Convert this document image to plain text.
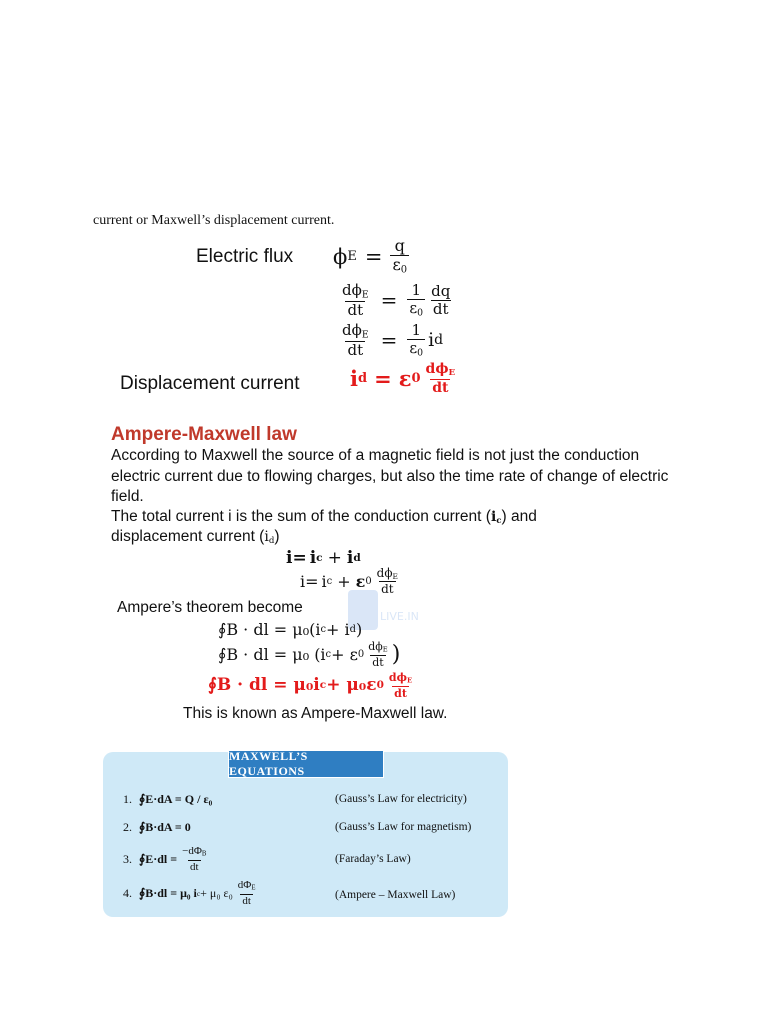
current or Maxwell’s displacement current.
Electric flux ϕ $E = \frac{q}{\varepsilon_0}$
$\frac{d\phi_E}{dt} = \frac{1}{\varepsilon_0} \frac{dq}{dt}$
$\frac{d\phi_E}{dt} = \frac{1}{\varepsilon_0}$ i d
Displacement current i d = ε $0 \frac{d\phi_E}{dt}$
Ampere-Maxwell law
According to Maxwell the source of a magnetic field is not just the conduction electric current due to flowing charges, but also the time rate of change of electric field.
The total current i is the sum of the conduction current $(i_c)$ and
displacement current $(i_d)$
i= i c + i d
i= i c + ε $0 \frac{d\phi_E}{dt}$
Ampere’s theorem become
LIVE.IN
∮B · dl = μ₀(i c + i d )
∮B · dl = μ₀ (i c + ε $0 \frac{d\phi_E}{dt}$ )
∮B · dl = μ₀i c + μ₀ε $0 \frac{d\phi_E}{dt}$
This is known as Ampere-Maxwell law.
MAXWELL’S EQUATIONS
1. ∮E·dA = Q / ε₀	(Gauss’s Law for electricity)
2. ∮B·dA = 0	(Gauss’s Law for magnetism)
3. ∮E·dl = $\frac{-d\Phi_B}{dt}$	(Faraday’s Law)
4. ∮B·dl = μ₀ i c + μ₀ $\varepsilon_0 \frac{d\Phi_E}{dt}$	(Ampere – Maxwell Law)
